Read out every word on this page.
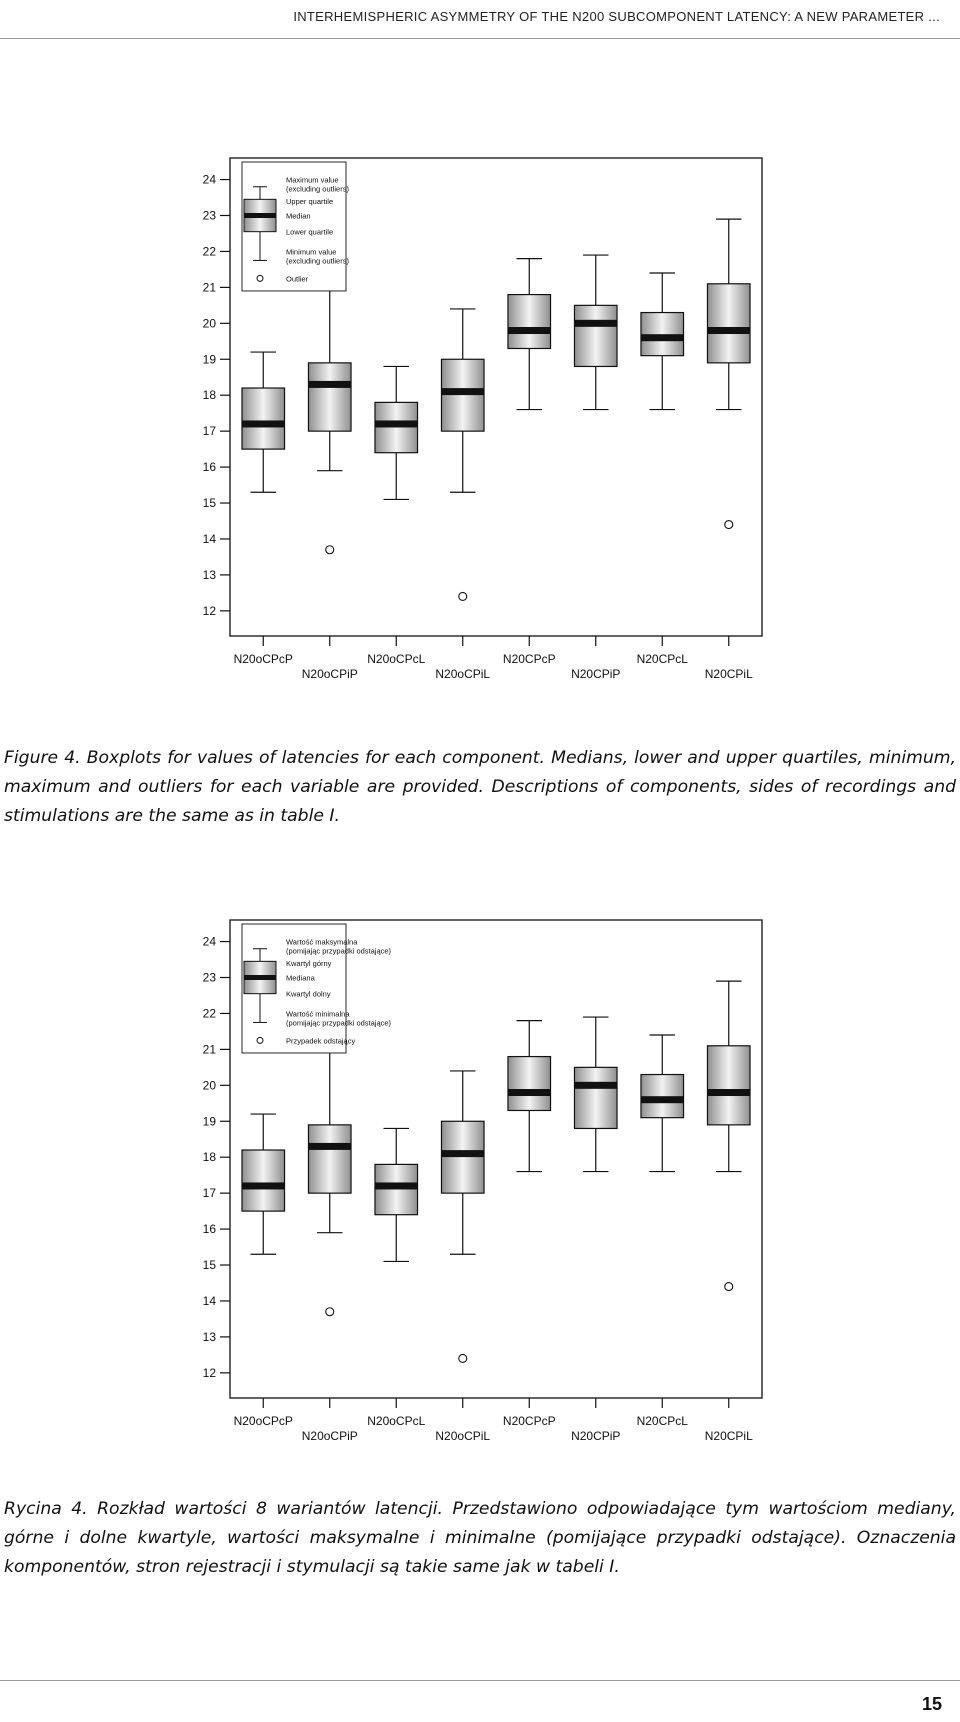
INTERHEMISPHERIC ASYMMETRY OF THE N200 SUBCOMPONENT LATENCY: A NEW PARAMETER ...
12
13
14
15
16
17
18
19
20
21
22
23
24
N20oCPcP
N20oCPiP
N20oCPcL
N20oCPiL
N20CPcP
N20CPiP
N20CPcL
N20CPiL
Maximum value
(excluding outliers)
Upper quartile
Median
Lower quartile
Minimum value
(excluding outliers)
Outlier

Figure 4. Boxplots for values of latencies for each component. Medians, lower and upper quartiles, minimum, maximum and outliers for each variable are provided. Descriptions of components, sides of recordings and stimulations are the same as in table I.

12
13
14
15
16
17
18
19
20
21
22
23
24
N20oCPcP
N20oCPiP
N20oCPcL
N20oCPiL
N20CPcP
N20CPiP
N20CPcL
N20CPiL
Wartość maksymalna
(pomijając przypadki odstające)
Kwartyl górny
Mediana
Kwartyl dolny
Wartość minimalna
(pomijając przypadki odstające)
Przypadek odstający

Rycina 4. Rozkład wartości 8 wariantów latencji. Przedstawiono odpowiadające tym wartościom mediany, górne i dolne kwartyle, wartości maksymalne i minimalne (pomijające przypadki odstające). Oznaczenia komponentów, stron rejestracji i stymulacji są takie same jak w tabeli I.

15
